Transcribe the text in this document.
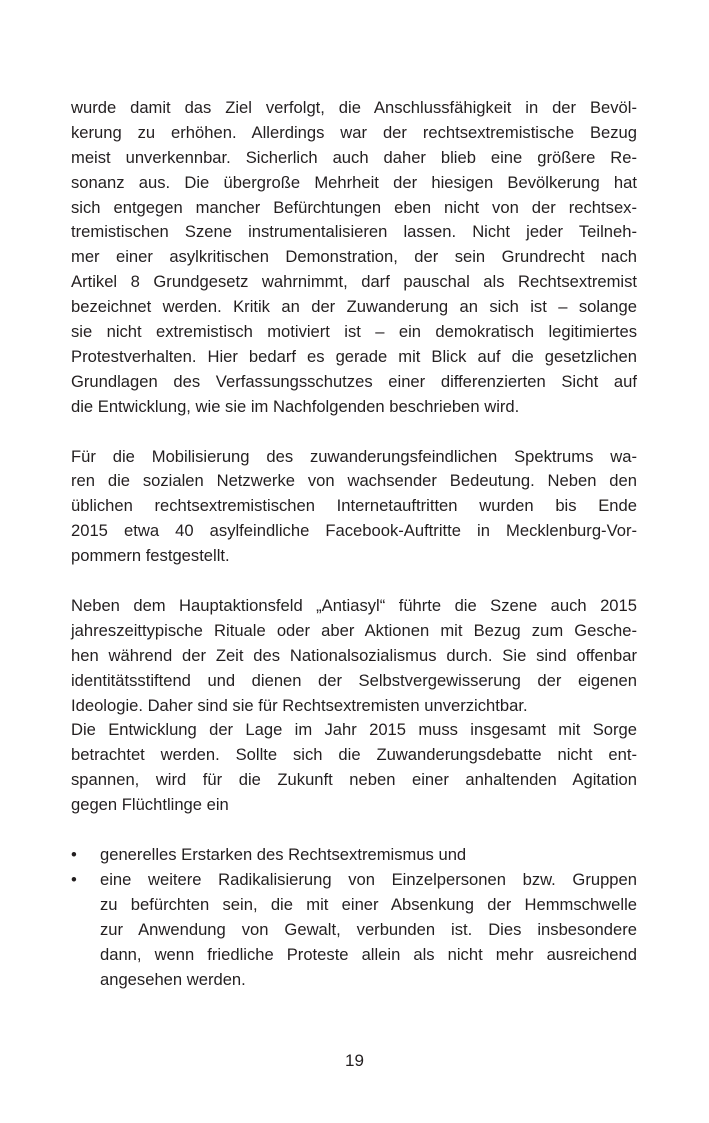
wurde damit das Ziel verfolgt, die Anschlussfähigkeit in der Bevöl-
kerung zu erhöhen. Allerdings war der rechtsextremistische Bezug
meist unverkennbar. Sicherlich auch daher blieb eine größere Re-
sonanz aus. Die übergroße Mehrheit der hiesigen Bevölkerung hat
sich entgegen mancher Befürchtungen eben nicht von der rechtsex-
tremistischen Szene instrumentalisieren lassen. Nicht jeder Teilneh-
mer einer asylkritischen Demonstration, der sein Grundrecht nach
Artikel 8 Grundgesetz wahrnimmt, darf pauschal als Rechtsextremist
bezeichnet werden. Kritik an der Zuwanderung an sich ist – solange
sie nicht extremistisch motiviert ist – ein demokratisch legitimiertes
Protestverhalten. Hier bedarf es gerade mit Blick auf die gesetzlichen
Grundlagen des Verfassungsschutzes einer differenzierten Sicht auf
die Entwicklung, wie sie im Nachfolgenden beschrieben wird.
Für die Mobilisierung des zuwanderungsfeindlichen Spektrums wa-
ren die sozialen Netzwerke von wachsender Bedeutung. Neben den
üblichen rechtsextremistischen Internetauftritten wurden bis Ende
2015 etwa 40 asylfeindliche Facebook-Auftritte in Mecklenburg-Vor-
pommern festgestellt.
Neben dem Hauptaktionsfeld „Antiasyl“ führte die Szene auch 2015
jahreszeittypische Rituale oder aber Aktionen mit Bezug zum Gesche-
hen während der Zeit des Nationalsozialismus durch. Sie sind offenbar
identitätsstiftend und dienen der Selbstvergewisserung der eigenen
Ideologie. Daher sind sie für Rechtsextremisten unverzichtbar.
Die Entwicklung der Lage im Jahr 2015 muss insgesamt mit Sorge
betrachtet werden. Sollte sich die Zuwanderungsdebatte nicht ent-
spannen, wird für die Zukunft neben einer anhaltenden Agitation
gegen Flüchtlinge ein
• generelles Erstarken des Rechtsextremismus und
• eine weitere Radikalisierung von Einzelpersonen bzw. Gruppen
zu befürchten sein, die mit einer Absenkung der Hemmschwelle
zur Anwendung von Gewalt, verbunden ist. Dies insbesondere
dann, wenn friedliche Proteste allein als nicht mehr ausreichend
angesehen werden.
19
